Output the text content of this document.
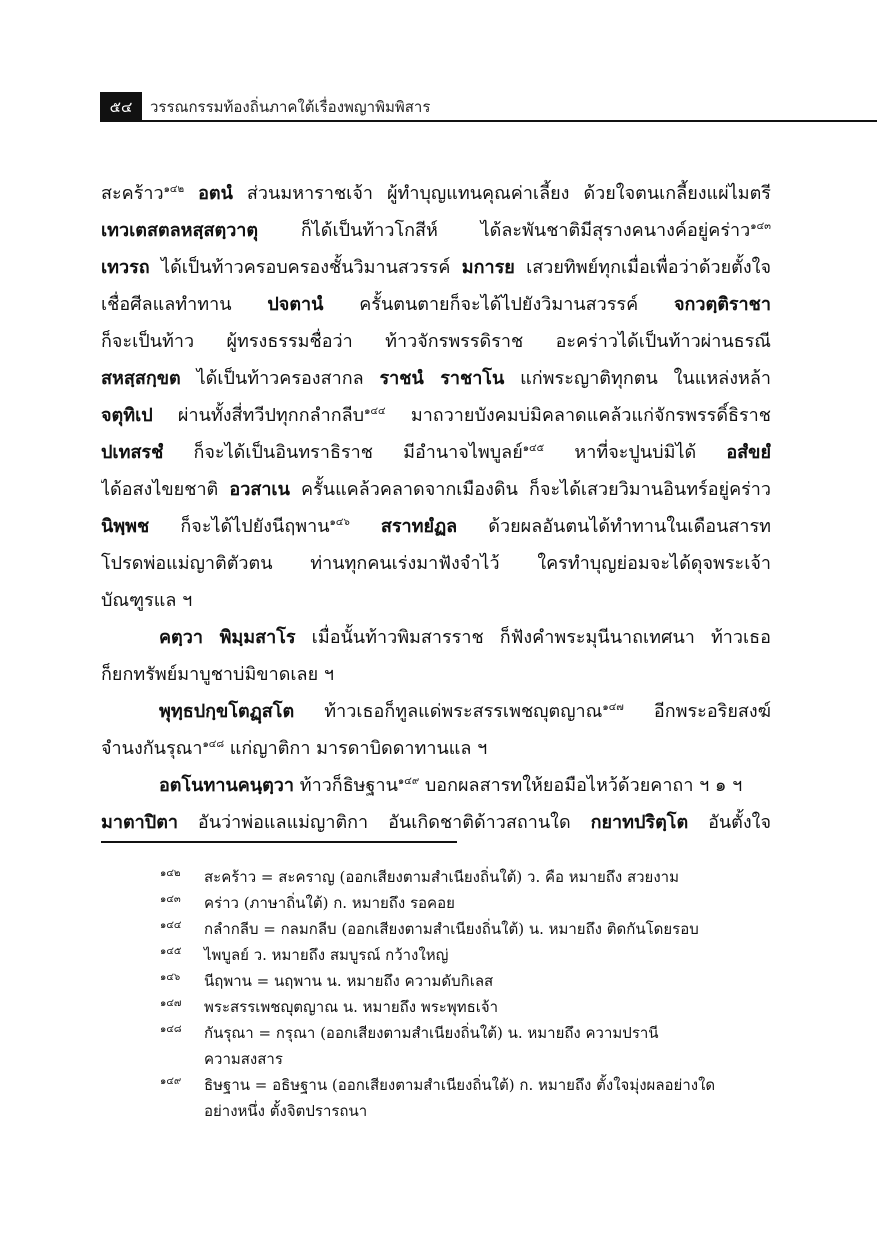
๕๔	วรรณกรรมท้องถิ่นภาคใต้เรื่องพญาพิมพิสาร
สะคร้าว$^{๑๔๒}$ อตนํ ส่วนมหาราชเจ้า ผู้ทำบุญแทนคุณค่าเลี้ยง ด้วยใจตนเกลี้ยงแผ่ไมตรี
เทวเตสตลหสฺสตฺวาตุ ก็ได้เป็นท้าวโกสีห์ ได้ละพันชาติมีสุรางคนางค์อยู่คร่าว$^{๑๔๓}$
เทวรถ ได้เป็นท้าวครอบครองชั้นวิมานสวรรค์ มการย เสวยทิพย์ทุกเมื่อเพื่อว่าด้วยตั้งใจ
เชื่อศีลแลทำทาน ปจตานํ ครั้นตนตายก็จะได้ไปยังวิมานสวรรค์ จกวตฺติราชา
ก็จะเป็นท้าว ผู้ทรงธรรมชื่อว่า ท้าวจักรพรรดิราช อะคร่าวได้เป็นท้าวผ่านธรณี
สหสฺสกฺขต ได้เป็นท้าวครองสากล ราชนํ ราชาโน แก่พระญาติทุกตน ในแหล่งหล้า
จตุทิเป ผ่านทั้งสี่ทวีปทุกกลำกลีบ$^{๑๔๔}$ มาถวายบังคมบ่มิคลาดแคล้วแก่จักรพรรดิ์ธิราช
ปเทสรชํ ก็จะได้เป็นอินทราธิราช มีอำนาจไพบูลย์$^{๑๔๕}$ หาที่จะปูนบ่มิได้ อสํขยํ
ได้อสงไขยชาติ อวสาเน ครั้นแคล้วคลาดจากเมืองดิน ก็จะได้เสวยวิมานอินทร์อยู่คร่าว
นิพฺพช ก็จะได้ไปยังนีฤพาน$^{๑๔๖}$ สราทยํฏล ด้วยผลอันตนได้ทำทานในเดือนสารท
โปรดพ่อแม่ญาติตัวตน ท่านทุกคนเร่งมาฟังจำไว้ ใครทำบุญย่อมจะได้ดุจพระเจ้า
บัณฑูรแล ฯ
คตฺวา พิมฺมสาโร เมื่อนั้นท้าวพิมสารราช ก็ฟังคำพระมุนีนาถเทศนา ท้าวเธอ
ก็ยกทรัพย์มาบูชาบ่มิขาดเลย ฯ
พุทฺธปกฺขโตฏฺสโต ท้าวเธอก็ทูลแด่พระสรรเพชญุตญาณ$^{๑๔๗}$ อีกพระอริยสงฆ์
จำนงกันรุณา$^{๑๔๘}$ แก่ญาติกา มารดาบิดดาทานแล ฯ
อตโนทานคนฺตฺวา ท้าวก็ธิษฐาน$^{๑๔๙}$ บอกผลสารทให้ยอมือไหว้ด้วยคาถา ฯ ๑ ฯ
มาตาปิตา อันว่าพ่อแลแม่ญาติกา อันเกิดชาติด้าวสถานใด กยาทปริตฺโต อันตั้งใจ
๑๔๒ สะคร้าว = สะคราญ (ออกเสียงตามสำเนียงถิ่นใต้) ว. คือ หมายถึง สวยงาม
๑๔๓ คร่าว (ภาษาถิ่นใต้) ก. หมายถึง รอคอย
๑๔๔ กลำกลีบ = กลมกลีบ (ออกเสียงตามสำเนียงถิ่นใต้) น. หมายถึง ติดกันโดยรอบ
๑๔๕ ไพบูลย์ ว. หมายถึง สมบูรณ์ กว้างใหญ่
๑๔๖ นีฤพาน = นฤพาน น. หมายถึง ความดับกิเลส
๑๔๗ พระสรรเพชญุตญาณ น. หมายถึง พระพุทธเจ้า
๑๔๘ กันรุณา = กรุณา (ออกเสียงตามสำเนียงถิ่นใต้) น. หมายถึง ความปรานี
ความสงสาร
๑๔๙ ธิษฐาน = อธิษฐาน (ออกเสียงตามสำเนียงถิ่นใต้) ก. หมายถึง ตั้งใจมุ่งผลอย่างใด
อย่างหนึ่ง ตั้งจิตปรารถนา
